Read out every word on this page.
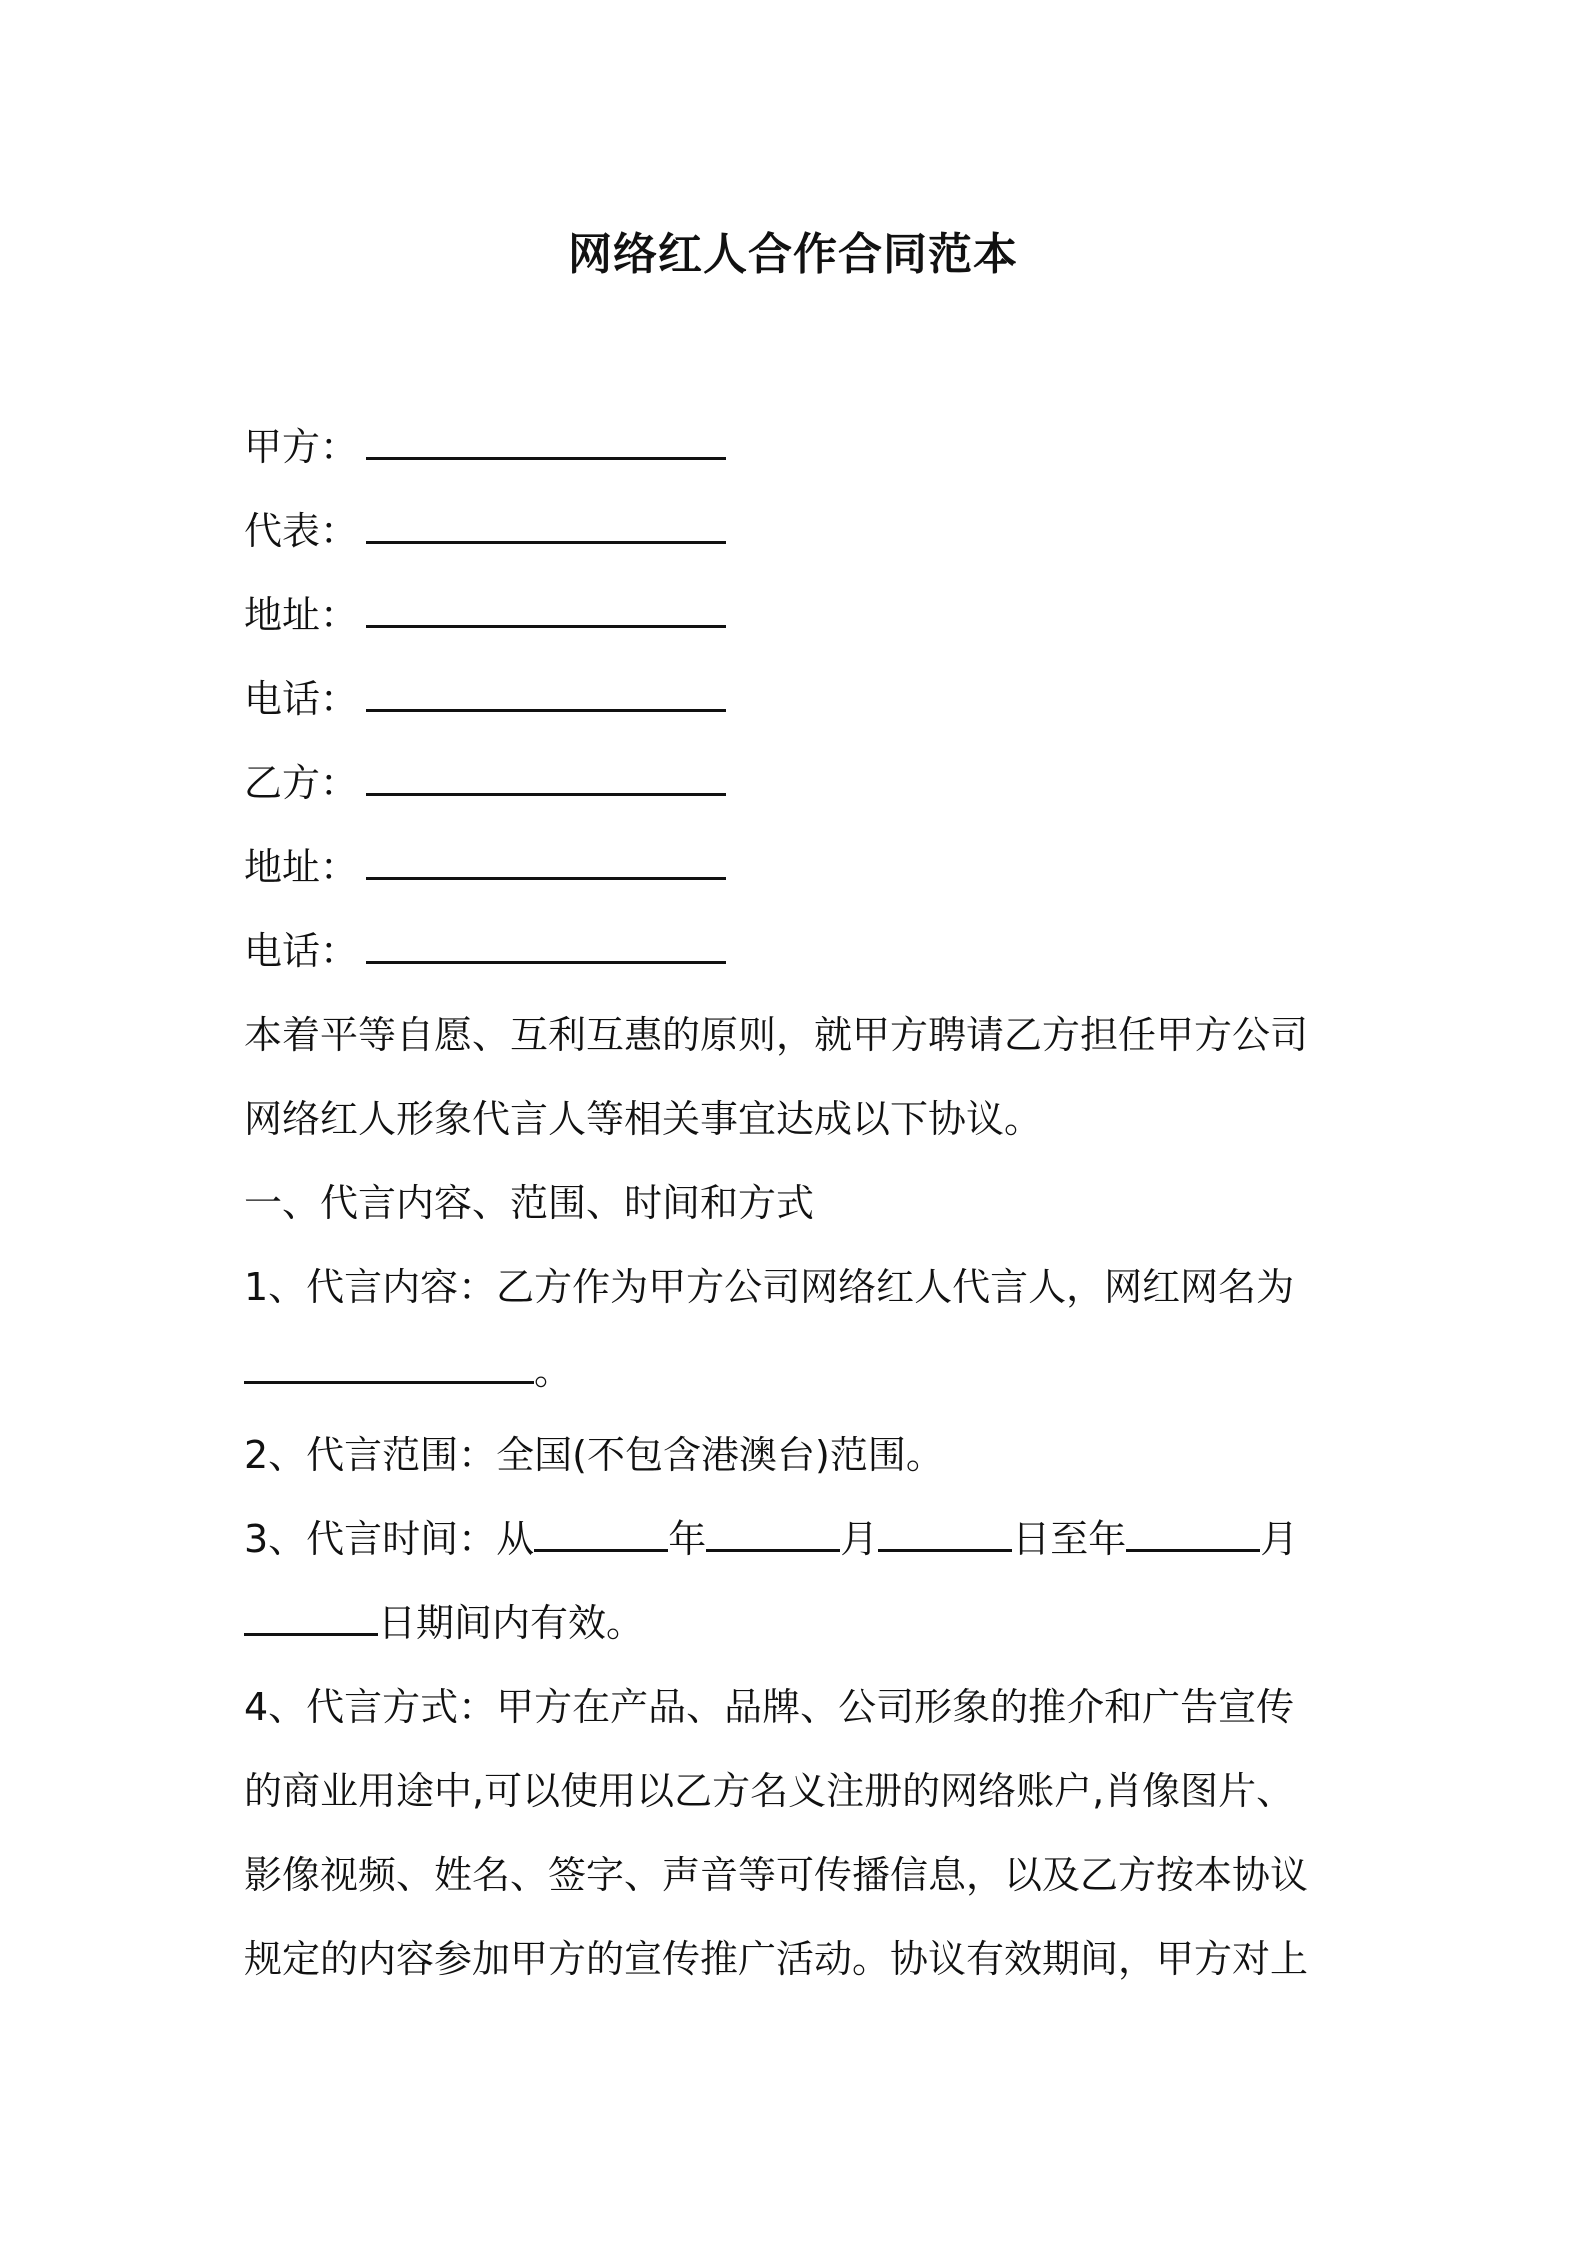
网络红人合作合同范本
甲方：
代表：
地址：
电话：
乙方：
地址：
电话：
本着平等自愿、互利互惠的原则，就甲方聘请乙方担任甲方公司
网络红人形象代言人等相关事宜达成以下协议。
一、代言内容、范围、时间和方式
1、代言内容：乙方作为甲方公司网络红人代言人，网红网名为
。
2、代言范围：全国(不包含港澳台)范围。
3、代言时间：从	年	月	日至年	月
日期间内有效。
4、代言方式：甲方在产品、品牌、公司形象的推介和广告宣传
的商业用途中,可以使用以乙方名义注册的网络账户,肖像图片、
影像视频、姓名、签字、声音等可传播信息，以及乙方按本协议
规定的内容参加甲方的宣传推广活动。协议有效期间，甲方对上
